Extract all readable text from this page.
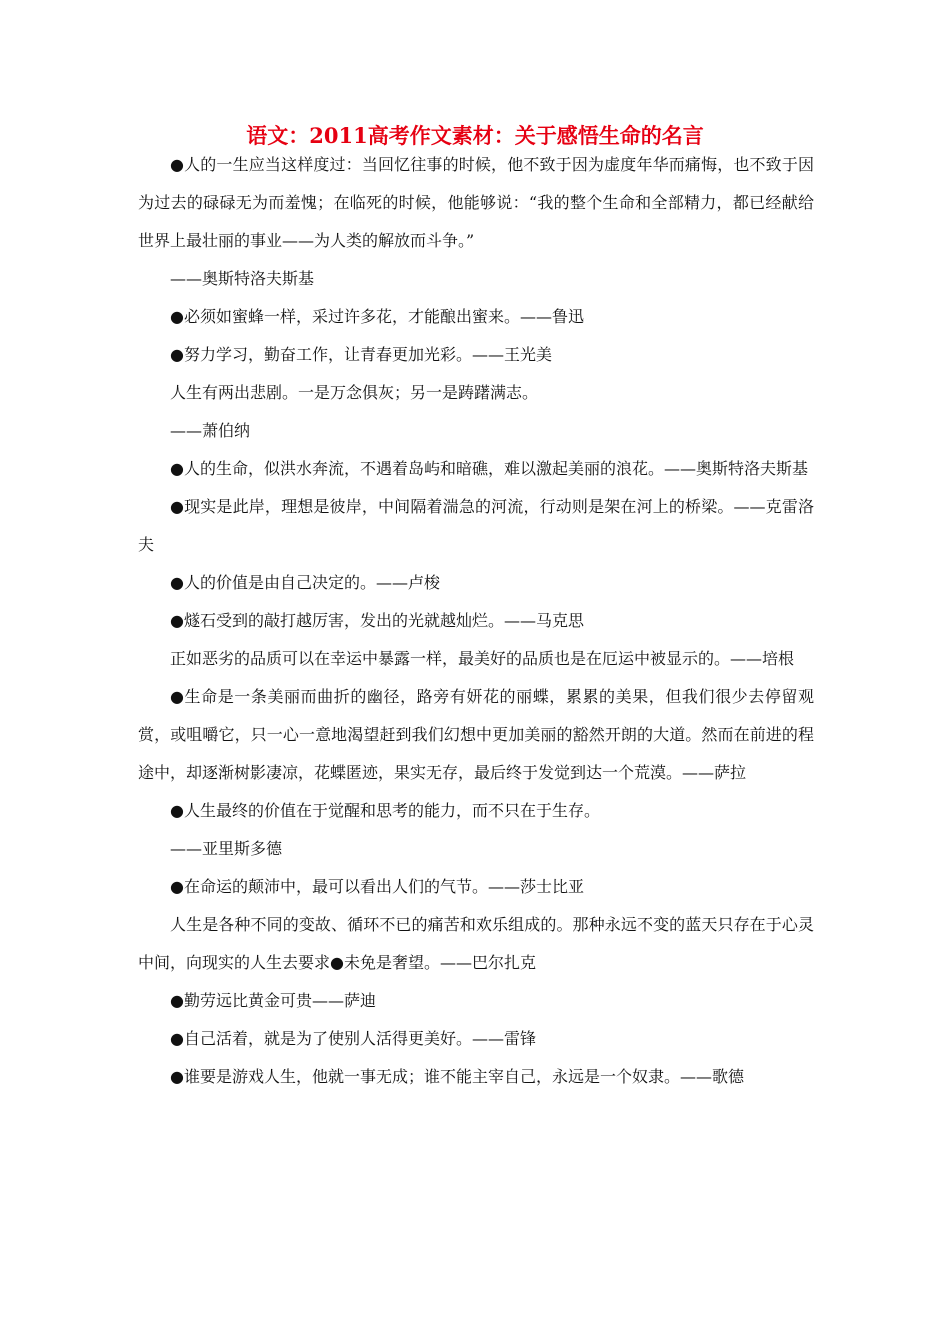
语文：2011高考作文素材：关于感悟生命的名言

●人的一生应当这样度过：当回忆往事的时候，他不致于因为虚度年华而痛悔，也不致于因为过去的碌碌无为而羞愧；在临死的时候，他能够说：“我的整个生命和全部精力，都已经献给世界上最壮丽的事业——为人类的解放而斗争。”

——奥斯特洛夫斯基

●必须如蜜蜂一样，采过许多花，才能酿出蜜来。——鲁迅

●努力学习，勤奋工作，让青春更加光彩。——王光美

人生有两出悲剧。一是万念俱灰；另一是踌躇满志。

——萧伯纳

●人的生命，似洪水奔流，不遇着岛屿和暗礁，难以激起美丽的浪花。——奥斯特洛夫斯基

●现实是此岸，理想是彼岸，中间隔着湍急的河流，行动则是架在河上的桥梁。——克雷洛夫

●人的价值是由自己决定的。——卢梭

●燧石受到的敲打越厉害，发出的光就越灿烂。——马克思

正如恶劣的品质可以在幸运中暴露一样，最美好的品质也是在厄运中被显示的。——培根

●生命是一条美丽而曲折的幽径，路旁有妍花的丽蝶，累累的美果，但我们很少去停留观赏，或咀嚼它，只一心一意地渴望赶到我们幻想中更加美丽的豁然开朗的大道。然而在前进的程途中，却逐渐树影凄凉，花蝶匿迹，果实无存，最后终于发觉到达一个荒漠。——萨拉

●人生最终的价值在于觉醒和思考的能力，而不只在于生存。

——亚里斯多德

●在命运的颠沛中，最可以看出人们的气节。——莎士比亚

人生是各种不同的变故、循环不已的痛苦和欢乐组成的。那种永远不变的蓝天只存在于心灵中间，向现实的人生去要求●未免是奢望。——巴尔扎克

●勤劳远比黄金可贵——萨迪

●自己活着，就是为了使别人活得更美好。——雷锋

●谁要是游戏人生，他就一事无成；谁不能主宰自己，永远是一个奴隶。——歌德
